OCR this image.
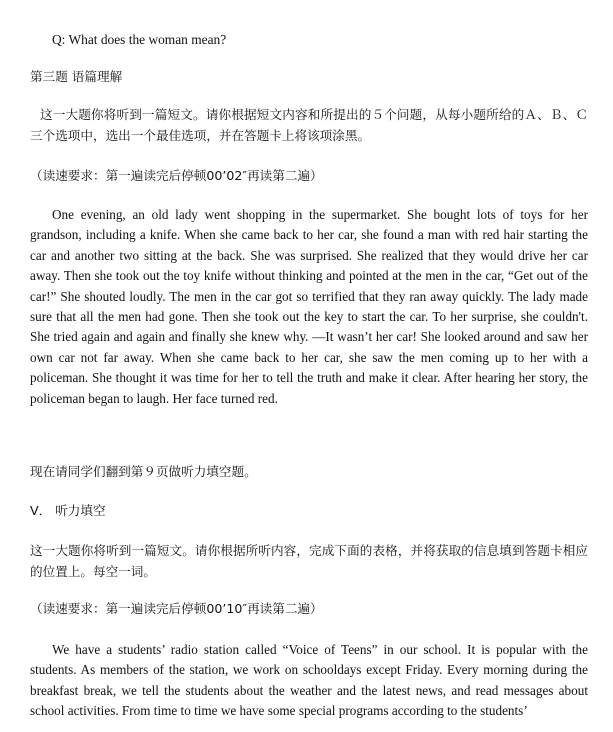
Q: What does the woman mean?
第三题 语篇理解
这一大题你将听到一篇短文。请你根据短文内容和所提出的５个问题，从每小题所给的Ａ、Ｂ、Ｃ三个选项中，选出一个最佳选项，并在答题卡上将该项涂黑。
（读速要求：第一遍读完后停顿00’02″再读第二遍）
One evening, an old lady went shopping in the supermarket. She bought lots of toys for her grandson, including a knife. When she came back to her car, she found a man with red hair starting the car and another two sitting at the back. She was surprised. She realized that they would drive her car away. Then she took out the toy knife without thinking and pointed at the men in the car, “Get out of the car!” She shouted loudly. The men in the car got so terrified that they ran away quickly. The lady made sure that all the men had gone. Then she took out the key to start the car. To her surprise, she couldn't. She tried again and again and finally she knew why. —It wasn’t her car! She looked around and saw her own car not far away. When she came back to her car, she saw the men coming up to her with a policeman. She thought it was time for her to tell the truth and make it clear. After hearing her story, the policeman began to laugh. Her face turned red.
现在请同学们翻到第９页做听力填空题。
V． 听力填空
这一大题你将听到一篇短文。请你根据所听内容，完成下面的表格，并将获取的信息填到答题卡相应的位置上。每空一词。
（读速要求：第一遍读完后停顿00’10″再读第二遍）
We have a students’ radio station called “Voice of Teens” in our school. It is popular with the students. As members of the station, we work on schooldays except Friday. Every morning during the breakfast break, we tell the students about the weather and the latest news, and read messages about school activities. From time to time we have some special programs according to the students’
